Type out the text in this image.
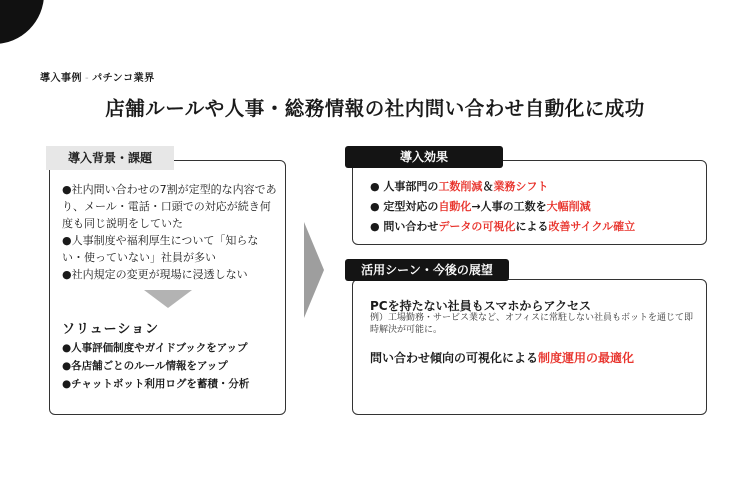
導入事例 - パチンコ業界
店舗ルールや人事・総務情報の社内問い合わせ自動化に成功
導入背景・課題

●社内問い合わせの7割が定型的な内容であり、メール・電話・口頭での対応が続き何度も同じ説明をしていた

●人事制度や福利厚生について「知らない・使っていない」社員が多い

●社内規定の変更が現場に浸透しない

ソリューション
●人事評価制度やガイドブックをアップ
●各店舗ごとのルール情報をアップ
●チャットボット利用ログを蓄積・分析
導入効果
● 人事部門の工数削減＆業務シフト
● 定型対応の自動化→人事の工数を大幅削減
● 問い合わせデータの可視化による改善サイクル確立
活用シーン・今後の展望
PCを持たない社員もスマホからアクセス
例）工場勤務・サービス業など、オフィスに常駐しない社員もボットを通じて即時解決が可能に。
問い合わせ傾向の可視化による制度運用の最適化
